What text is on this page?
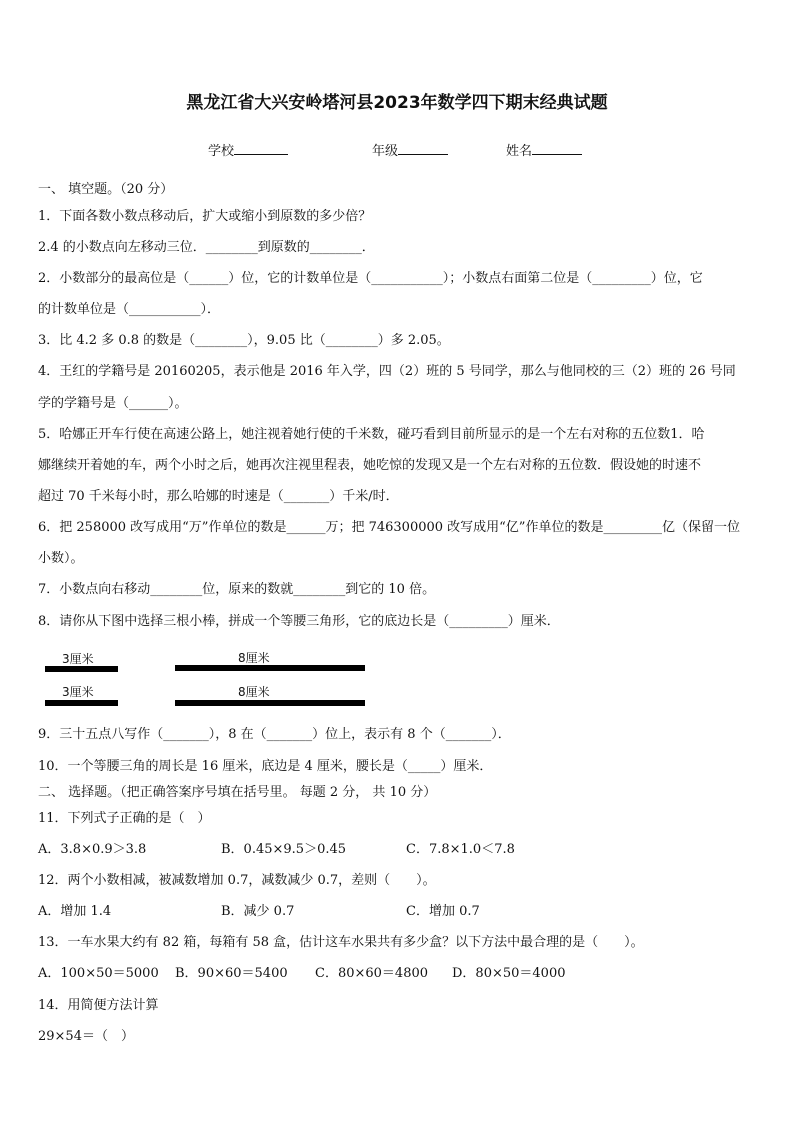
黑龙江省大兴安岭塔河县2023年数学四下期末经典试题
学校	年级	姓名
一、 填空题。（20 分）
1．下面各数小数点移动后，扩大或缩小到原数的多少倍？
2.4 的小数点向左移动三位．________到原数的________．
2．小数部分的最高位是（______）位，它的计数单位是（___________）；小数点右面第二位是（_________）位，它
的计数单位是（___________）．
3．比 4.2 多 0.8 的数是（________），9.05 比（________）多 2.05。
4．王红的学籍号是 20160205，表示他是 2016 年入学，四（2）班的 5 号同学，那么与他同校的三（2）班的 26 号同
学的学籍号是（______）。
5．哈娜正开车行使在高速公路上，她注视着她行使的千米数，碰巧看到目前所显示的是一个左右对称的五位数1．哈
娜继续开着她的车，两个小时之后，她再次注视里程表，她吃惊的发现又是一个左右对称的五位数．假设她的时速不
超过 70 千米每小时，那么哈娜的时速是（_______）千米/时．
6．把 258000 改写成用“万”作单位的数是______万；把 746300000 改写成用“亿”作单位的数是_________亿（保留一位
小数）。
7．小数点向右移动________位，原来的数就________到它的 10 倍。
8．请你从下图中选择三根小棒，拼成一个等腰三角形，它的底边长是（_________）厘米．
3厘米	8厘米
3厘米	8厘米
9．三十五点八写作（_______），8 在（_______）位上，表示有 8 个（_______）．
10．一个等腰三角的周长是 16 厘米，底边是 4 厘米，腰长是（_____）厘米．
二、 选择题。（把正确答案序号填在括号里。 每题 2 分， 共 10 分）
11．下列式子正确的是（　）
A．3.8×0.9＞3.8	B．0.45×9.5＞0.45	C．7.8×1.0＜7.8
12．两个小数相减，被减数增加 0.7，减数减少 0.7，差则（　　）。
A．增加 1.4	B．减少 0.7	C．增加 0.7
13．一车水果大约有 82 箱，每箱有 58 盒，估计这车水果共有多少盒？以下方法中最合理的是（　　）。
A．100×50＝5000 B．90×60＝5400 C．80×60＝4800 D．80×50＝4000
14．用简便方法计算
29×54＝（　）
